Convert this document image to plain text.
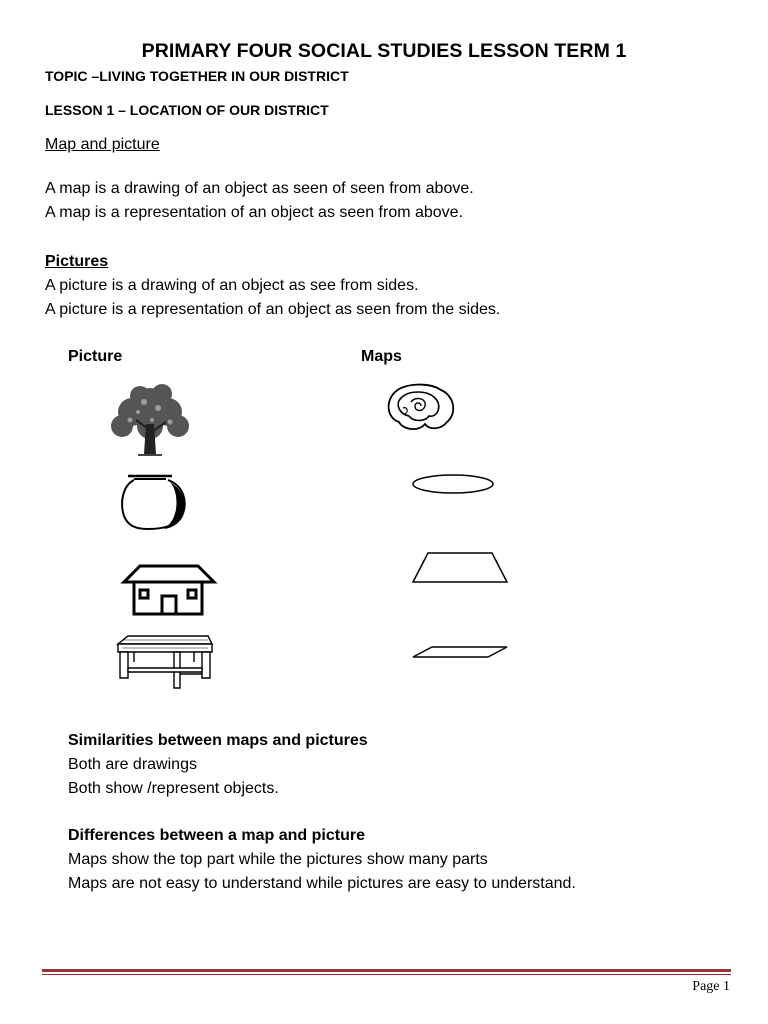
PRIMARY FOUR SOCIAL STUDIES LESSON TERM 1

TOPIC –LIVING TOGETHER IN OUR DISTRICT

LESSON 1 – LOCATION OF OUR DISTRICT

Map and picture

A map is a drawing of an object as seen of seen from above.

A map is a representation of an object as seen from above.

Pictures

A picture is a drawing of an object as see from sides.

A picture is a representation of an object as seen from the sides.

Picture	Maps

Similarities between maps and pictures

Both are drawings

Both show /represent objects.

Differences between a map and picture

Maps show the top part while the pictures show many parts

Maps are not easy to understand while pictures are easy to understand.

Page 1
